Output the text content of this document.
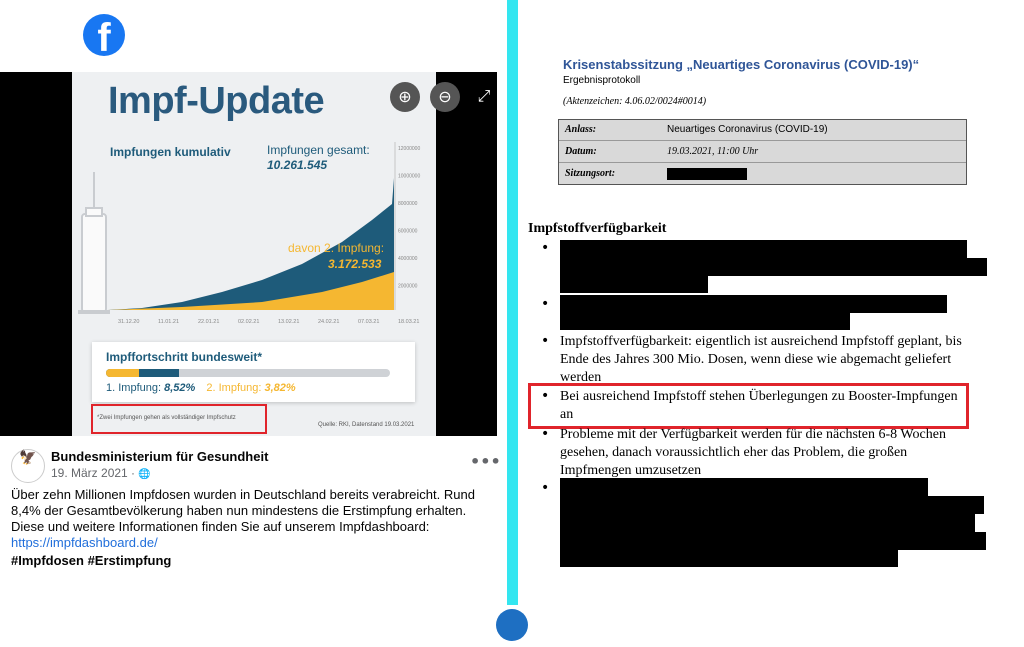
f
Impf-Update
12000000
10000000
8000000
6000000
4000000
2000000
31.12.20	11.01.21	22.01.21	02.02.21	13.02.21	24.02.21	07.03.21	18.03.21
Impfungen kumulativ	Impfungen gesamt:
10.261.545
davon 2. Impfung:
3.172.533
Impffortschritt bundesweit*
1. Impfung: 8,52% 2. Impfung: 3,82%
*Zwei Impfungen gehen als vollständiger Impfschutz
Quelle: RKI, Datenstand 19.03.2021
⊕	⊖	⤢
🦅	Bundesministerium für Gesundheit
19. März 2021 · 🌐
•••
Über zehn Millionen Impfdosen wurden in Deutschland bereits verabreicht. Rund 8,4% der Gesamtbevölkerung haben nun mindestens die Erstimpfung erhalten. Diese und weitere Informationen finden Sie auf unserem Impfdashboard: https://impfdashboard.de/
#Impfdosen #Erstimpfung
Krisenstabssitzung „Neuartiges Coronavirus (COVID-19)“
Ergebnisprotokoll
(Aktenzeichen: 4.06.02/0024#0014)
Anlass:	Neuartiges Coronavirus (COVID-19)
Datum:	19.03.2021, 11:00 Uhr
Sitzungsort:
Impfstoffverfügbarkeit
•
•
• Impfstoffverfügbarkeit: eigentlich ist ausreichend Impfstoff geplant, bis Ende des Jahres 300 Mio. Dosen, wenn diese wie abgemacht geliefert werden
• Bei ausreichend Impfstoff stehen Überlegungen zu Booster-Impfungen an
• Probleme mit der Verfügbarkeit werden für die nächsten 6-8 Wochen gesehen, danach voraussichtlich eher das Problem, die großen Impfmengen umzusetzen
•
